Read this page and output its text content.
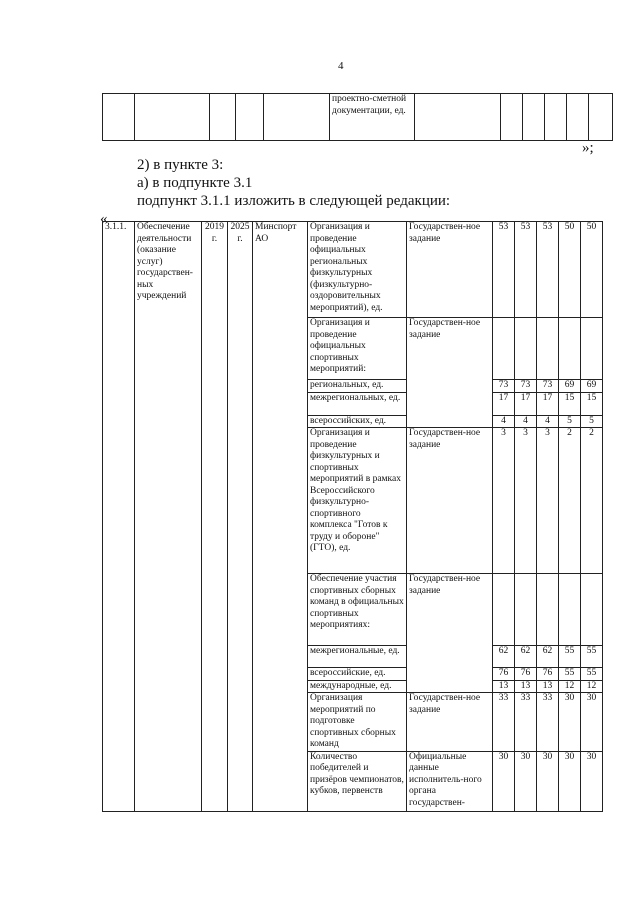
4
					проектно-сметной документации, ед.						
»;
2) в пункте 3:
а) в подпункте 3.1
подпункт 3.1.1 изложить в следующей редакции:
«
3.1.1.	Обеспечение деятельности (оказание услуг) государствен-ных учреждений	2019 г.	2025 г.	Минспорт АО	Организация и проведение официальных региональных физкультурных (физкультурно-оздоровительных мероприятий), ед.	Государствен-ное задание	53	53	53	50	50
					Организация и проведение официальных спортивных мероприятий:	Государствен-ное задание					
					региональных, ед.		73	73	73	69	69
					межрегиональных, ед.		17	17	17	15	15
					всероссийских, ед.		4	4	4	5	5
					Организация и проведение физкультурных и спортивных мероприятий в рамках Всероссийского физкультурно-спортивного комплекса "Готов к труду и обороне" (ГТО), ед.	Государствен-ное задание	3	3	3	2	2
					Обеспечение участия спортивных сборных команд в официальных спортивных мероприятиях:	Государствен-ное задание					
					межрегиональные, ед.		62	62	62	55	55
					всероссийские, ед.		76	76	76	55	55
					международные, ед.		13	13	13	12	12
					Организация мероприятий по подготовке спортивных сборных команд	Государствен-ное задание	33	33	33	30	30
					Количество победителей и призёров чемпионатов, кубков, первенств	Официальные данные исполнитель-ного органа государствен-	30	30	30	30	30
